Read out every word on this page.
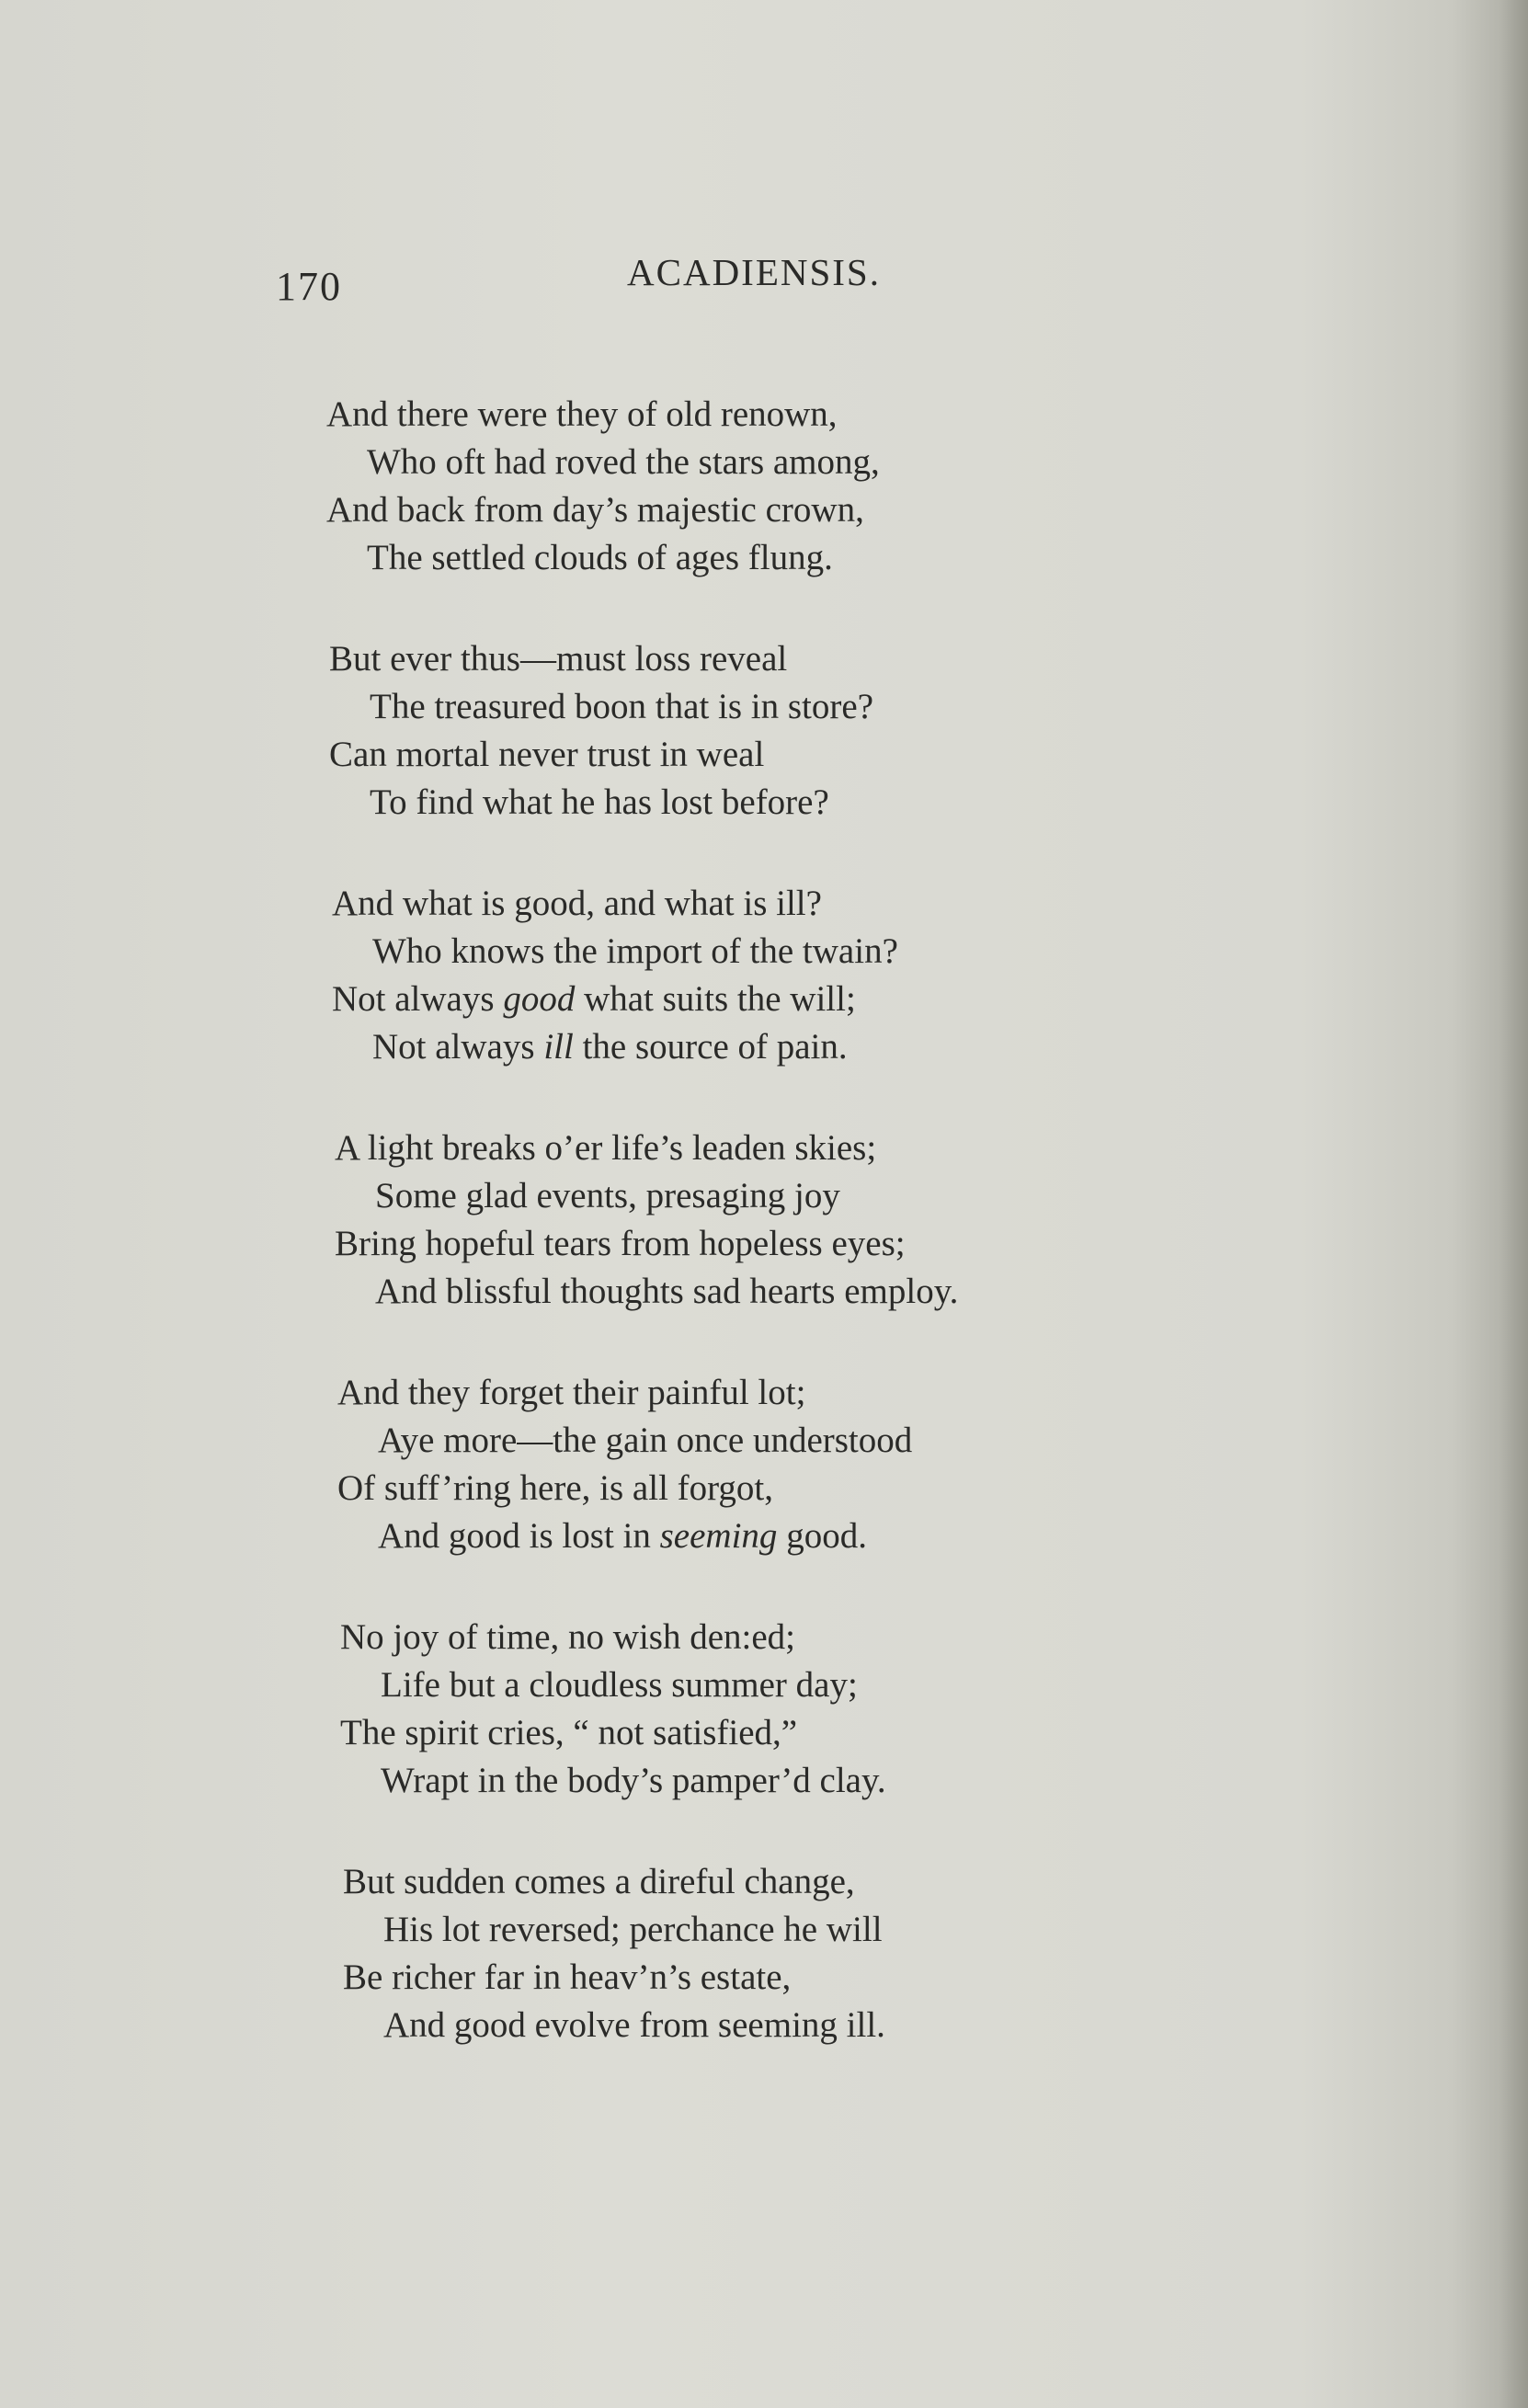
170	ACADIENSIS.
And there were they of old renown,
Who oft had roved the stars among,
And back from day’s majestic crown,
The settled clouds of ages flung.
But ever thus—must loss reveal
The treasured boon that is in store?
Can mortal never trust in weal
To find what he has lost before?
And what is good, and what is ill?
Who knows the import of the twain?
Not always good what suits the will;
Not always ill the source of pain.
A light breaks o’er life’s leaden skies;
Some glad events, presaging joy
Bring hopeful tears from hopeless eyes;
And blissful thoughts sad hearts employ.
And they forget their painful lot;
Aye more—the gain once understood
Of suff’ring here, is all forgot,
And good is lost in seeming good.
No joy of time, no wish den:ed;
Life but a cloudless summer day;
The spirit cries, “ not satisfied,”
Wrapt in the body’s pamper’d clay.
But sudden comes a direful change,
His lot reversed; perchance he will
Be richer far in heav’n’s estate,
And good evolve from seeming ill.
